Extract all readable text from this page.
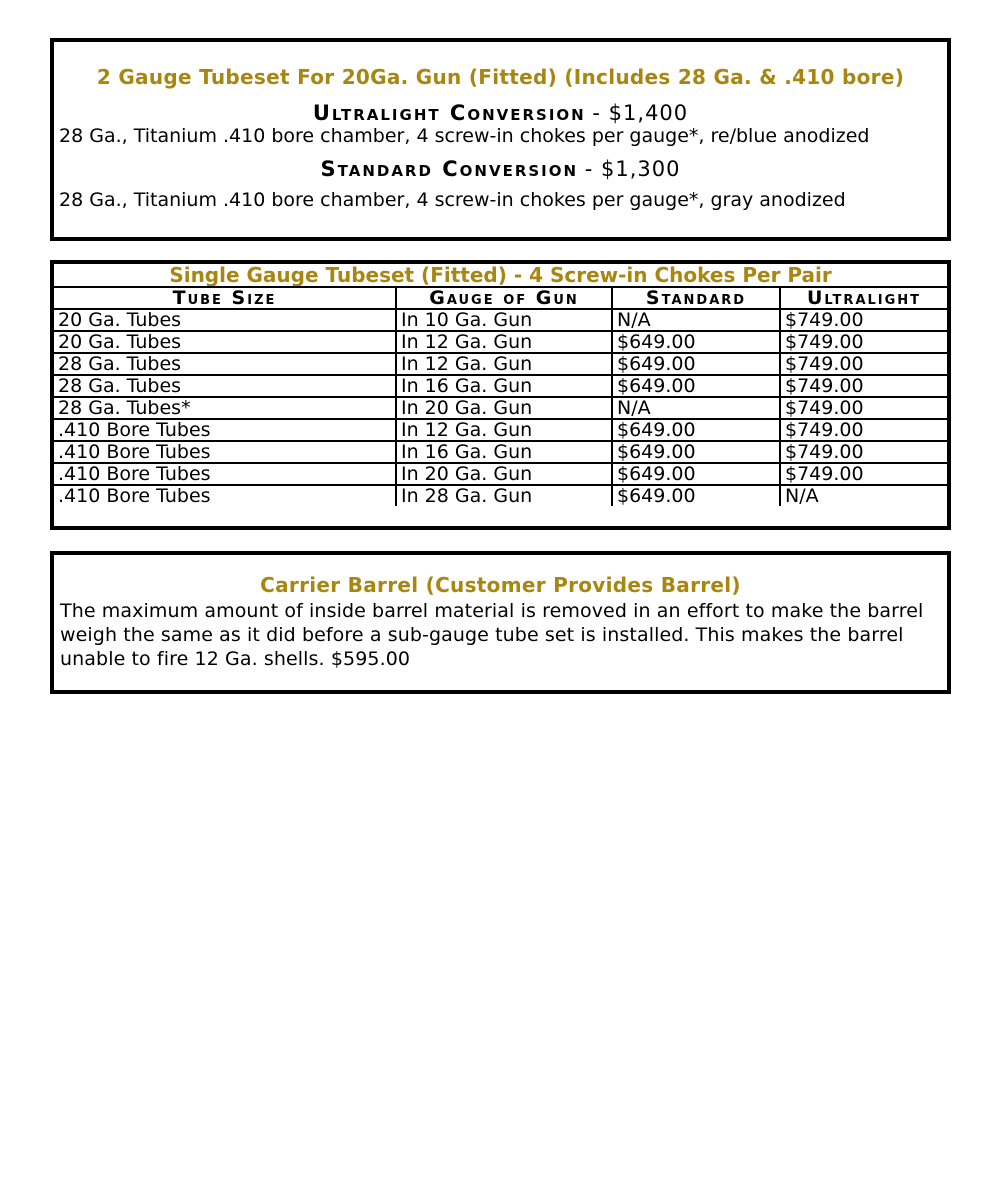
2 Gauge Tubeset For 20Ga. Gun (Fitted) (Includes 28 Ga. & .410 bore)
Ultralight Conversion - $1,400
28 Ga., Titanium .410 bore chamber, 4 screw-in chokes per gauge*, re/blue anodized
Standard Conversion - $1,300
28 Ga., Titanium .410 bore chamber, 4 screw-in chokes per gauge*, gray anodized
Single Gauge Tubeset (Fitted) - 4 Screw-in Chokes Per Pair			
Tube Size	Gauge of Gun	Standard	Ultralight
20 Ga. Tubes	In 10 Ga. Gun	N/A	$749.00
20 Ga. Tubes	In 12 Ga. Gun	$649.00	$749.00
28 Ga. Tubes	In 12 Ga. Gun	$649.00	$749.00
28 Ga. Tubes	In 16 Ga. Gun	$649.00	$749.00
28 Ga. Tubes*	In 20 Ga. Gun	N/A	$749.00
.410 Bore Tubes	In 12 Ga. Gun	$649.00	$749.00
.410 Bore Tubes	In 16 Ga. Gun	$649.00	$749.00
.410 Bore Tubes	In 20 Ga. Gun	$649.00	$749.00
.410 Bore Tubes	In 28 Ga. Gun	$649.00	N/A
Carrier Barrel (Customer Provides Barrel)
The maximum amount of inside barrel material is removed in an effort to make the barrel weigh the same as it did before a sub-gauge tube set is installed. This makes the barrel unable to fire 12 Ga. shells. $595.00
